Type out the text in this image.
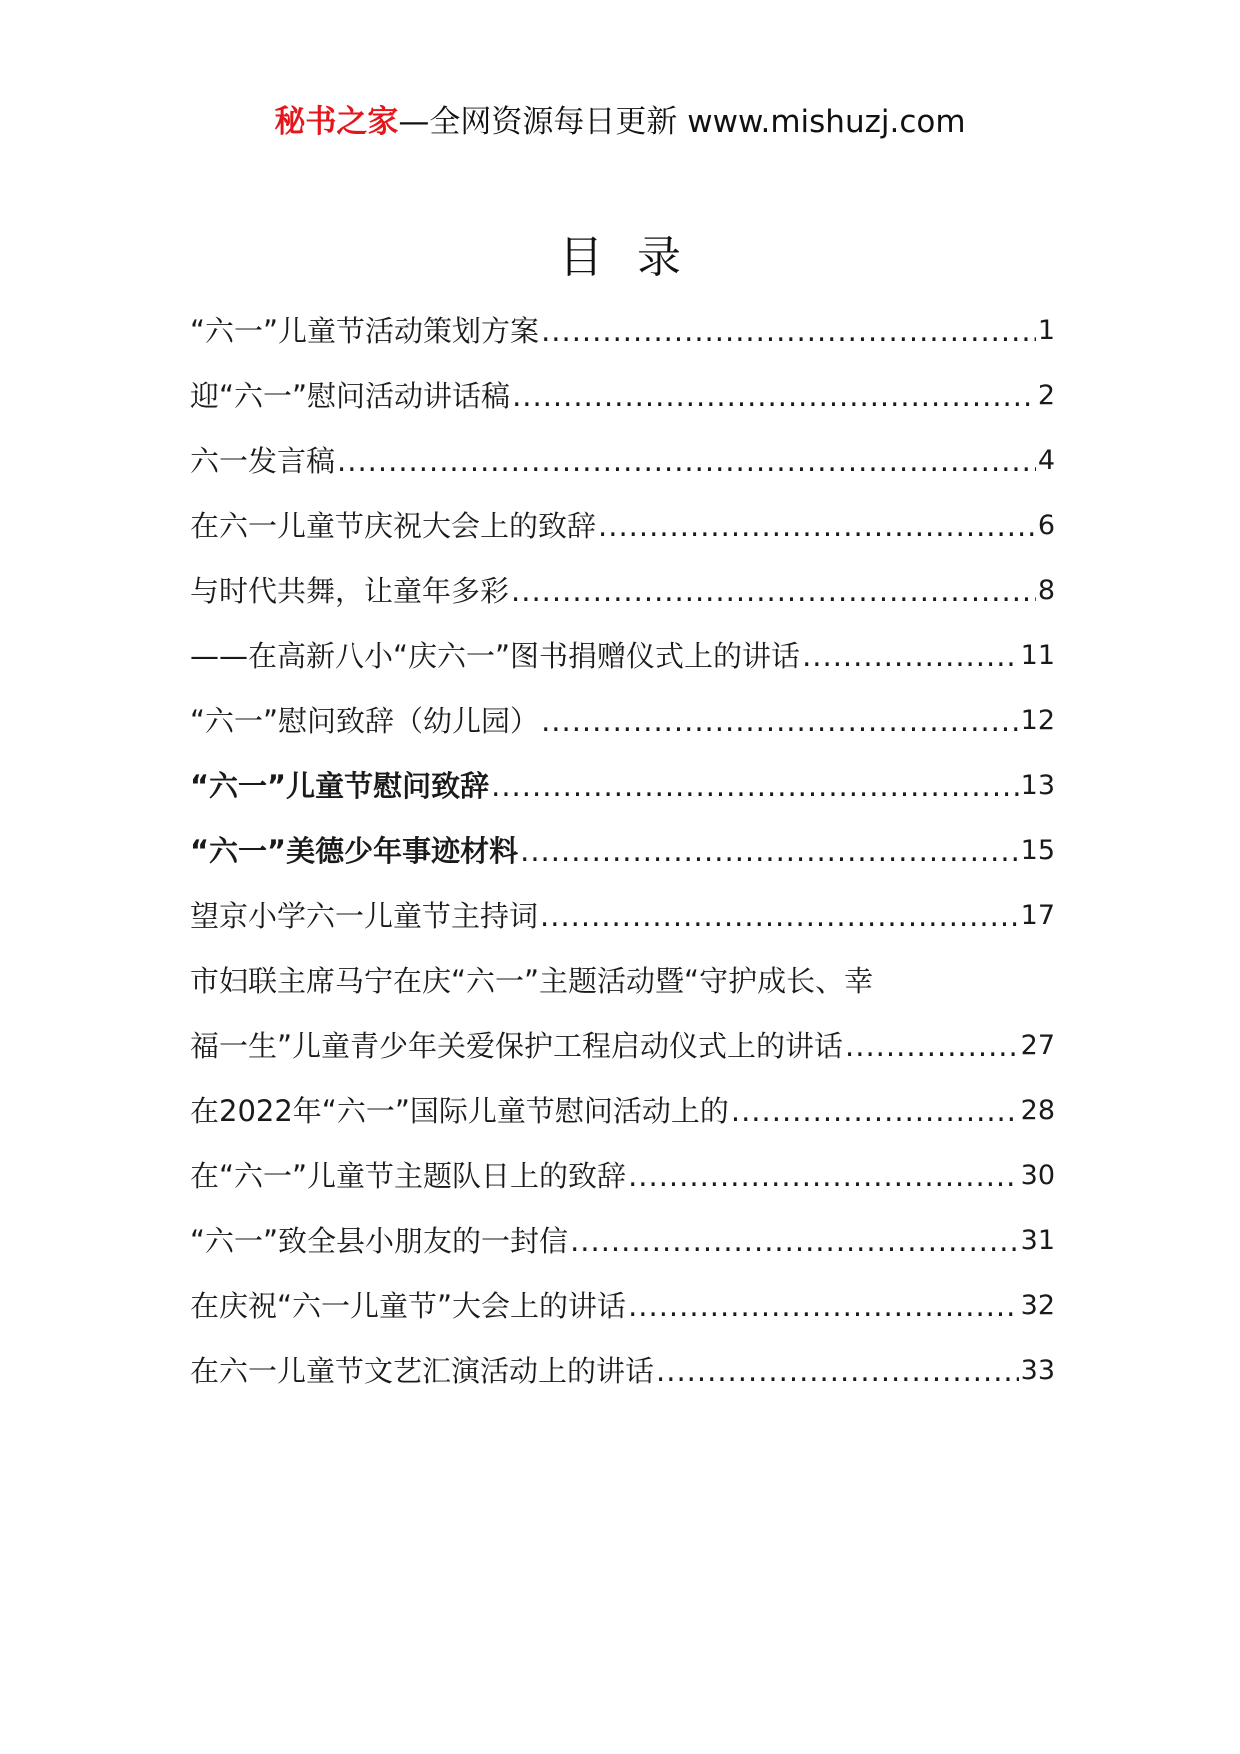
秘书之家—全网资源每日更新 www.mishuzj.com
目录
“六一”儿童节活动策划方案 .....	1
迎“六一”慰问活动讲话稿 .....	2
六一发言稿 .....	4
在六一儿童节庆祝大会上的致辞 .....	6
与时代共舞，让童年多彩 .....	8
——在高新八小“庆六一”图书捐赠仪式上的讲话 .....	11
“六一”慰问致辞（幼儿园） .....	12
“六一”儿童节慰问致辞 .....	13
“六一”美德少年事迹材料 .....	15
望京小学六一儿童节主持词 .....	17
市妇联主席马宁在庆“六一”主题活动暨“守护成长、幸
福一生”儿童青少年关爱保护工程启动仪式上的讲话 .....	27
在2022年“六一”国际儿童节慰问活动上的 .....	28
在“六一”儿童节主题队日上的致辞 .....	30
“六一”致全县小朋友的一封信 .....	31
在庆祝“六一儿童节”大会上的讲话 .....	32
在六一儿童节文艺汇演活动上的讲话 .....	33
